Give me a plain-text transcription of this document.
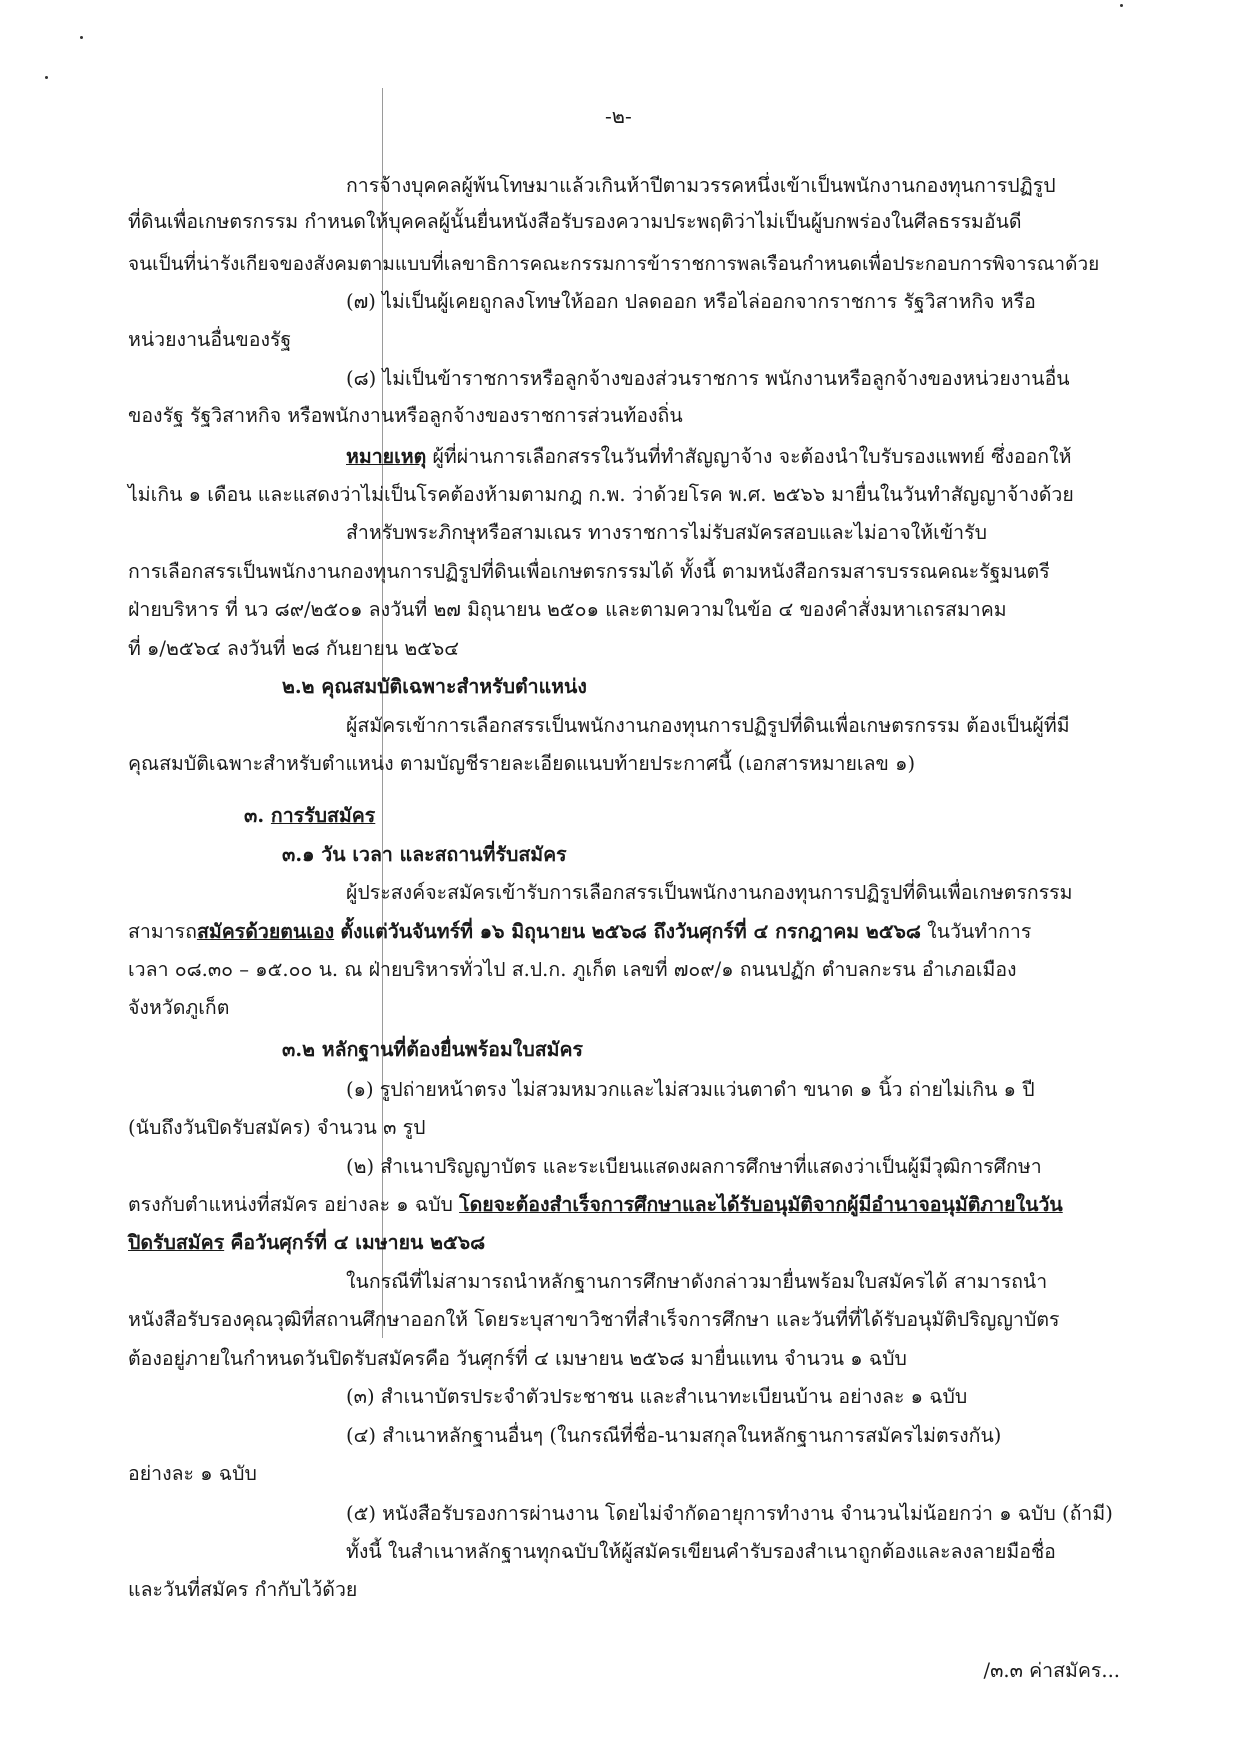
-๒-
การจ้างบุคคลผู้พ้นโทษมาแล้วเกินห้าปีตามวรรคหนึ่งเข้าเป็นพนักงานกองทุนการปฏิรูป
ที่ดินเพื่อเกษตรกรรม กำหนดให้บุคคลผู้นั้นยื่นหนังสือรับรองความประพฤติว่าไม่เป็นผู้บกพร่องในศีลธรรมอันดี
จนเป็นที่น่ารังเกียจของสังคมตามแบบที่เลขาธิการคณะกรรมการข้าราชการพลเรือนกำหนดเพื่อประกอบการพิจารณาด้วย
(๗) ไม่เป็นผู้เคยถูกลงโทษให้ออก ปลดออก หรือไล่ออกจากราชการ รัฐวิสาหกิจ หรือ
หน่วยงานอื่นของรัฐ
(๘) ไม่เป็นข้าราชการหรือลูกจ้างของส่วนราชการ พนักงานหรือลูกจ้างของหน่วยงานอื่น
ของรัฐ รัฐวิสาหกิจ หรือพนักงานหรือลูกจ้างของราชการส่วนท้องถิ่น
หมายเหตุ ผู้ที่ผ่านการเลือกสรรในวันที่ทำสัญญาจ้าง จะต้องนำใบรับรองแพทย์ ซึ่งออกให้
ไม่เกิน ๑ เดือน และแสดงว่าไม่เป็นโรคต้องห้ามตามกฎ ก.พ. ว่าด้วยโรค พ.ศ. ๒๕๖๖ มายื่นในวันทำสัญญาจ้างด้วย
สำหรับพระภิกษุหรือสามเณร ทางราชการไม่รับสมัครสอบและไม่อาจให้เข้ารับ
การเลือกสรรเป็นพนักงานกองทุนการปฏิรูปที่ดินเพื่อเกษตรกรรมได้ ทั้งนี้ ตามหนังสือกรมสารบรรณคณะรัฐมนตรี
ฝ่ายบริหาร ที่ นว ๘๙/๒๕๐๑ ลงวันที่ ๒๗ มิถุนายน ๒๕๐๑ และตามความในข้อ ๔ ของคำสั่งมหาเถรสมาคม
ที่ ๑/๒๕๖๔ ลงวันที่ ๒๘ กันยายน ๒๕๖๔
๒.๒ คุณสมบัติเฉพาะสำหรับตำแหน่ง
ผู้สมัครเข้าการเลือกสรรเป็นพนักงานกองทุนการปฏิรูปที่ดินเพื่อเกษตรกรรม ต้องเป็นผู้ที่มี
คุณสมบัติเฉพาะสำหรับตำแหน่ง ตามบัญชีรายละเอียดแนบท้ายประกาศนี้ (เอกสารหมายเลข ๑)
๓. การรับสมัคร
๓.๑ วัน เวลา และสถานที่รับสมัคร
ผู้ประสงค์จะสมัครเข้ารับการเลือกสรรเป็นพนักงานกองทุนการปฏิรูปที่ดินเพื่อเกษตรกรรม
สามารถสมัครด้วยตนเอง ตั้งแต่วันจันทร์ที่ ๑๖ มิถุนายน ๒๕๖๘ ถึงวันศุกร์ที่ ๔ กรกฎาคม ๒๕๖๘ ในวันทำการ
เวลา ๐๘.๓๐ – ๑๕.๐๐ น. ณ ฝ่ายบริหารทั่วไป ส.ป.ก. ภูเก็ต เลขที่ ๗๐๙/๑ ถนนปฏัก ตำบลกะรน อำเภอเมือง
จังหวัดภูเก็ต
๓.๒ หลักฐานที่ต้องยื่นพร้อมใบสมัคร
(๑) รูปถ่ายหน้าตรง ไม่สวมหมวกและไม่สวมแว่นตาดำ ขนาด ๑ นิ้ว ถ่ายไม่เกิน ๑ ปี
(นับถึงวันปิดรับสมัคร) จำนวน ๓ รูป
(๒) สำเนาปริญญาบัตร และระเบียนแสดงผลการศึกษาที่แสดงว่าเป็นผู้มีวุฒิการศึกษา
ตรงกับตำแหน่งที่สมัคร อย่างละ ๑ ฉบับ โดยจะต้องสำเร็จการศึกษาและได้รับอนุมัติจากผู้มีอำนาจอนุมัติภายในวัน
ปิดรับสมัคร คือวันศุกร์ที่ ๔ เมษายน ๒๕๖๘
ในกรณีที่ไม่สามารถนำหลักฐานการศึกษาดังกล่าวมายื่นพร้อมใบสมัครได้ สามารถนำ
หนังสือรับรองคุณวุฒิที่สถานศึกษาออกให้ โดยระบุสาขาวิชาที่สำเร็จการศึกษา และวันที่ที่ได้รับอนุมัติปริญญาบัตร
ต้องอยู่ภายในกำหนดวันปิดรับสมัครคือ วันศุกร์ที่ ๔ เมษายน ๒๕๖๘ มายื่นแทน จำนวน ๑ ฉบับ
(๓) สำเนาบัตรประจำตัวประชาชน และสำเนาทะเบียนบ้าน อย่างละ ๑ ฉบับ
(๔) สำเนาหลักฐานอื่นๆ (ในกรณีที่ชื่อ-นามสกุลในหลักฐานการสมัครไม่ตรงกัน)
อย่างละ ๑ ฉบับ
(๕) หนังสือรับรองการผ่านงาน โดยไม่จำกัดอายุการทำงาน จำนวนไม่น้อยกว่า ๑ ฉบับ (ถ้ามี)
ทั้งนี้ ในสำเนาหลักฐานทุกฉบับให้ผู้สมัครเขียนคำรับรองสำเนาถูกต้องและลงลายมือชื่อ
และวันที่สมัคร กำกับไว้ด้วย
/๓.๓ ค่าสมัคร...
